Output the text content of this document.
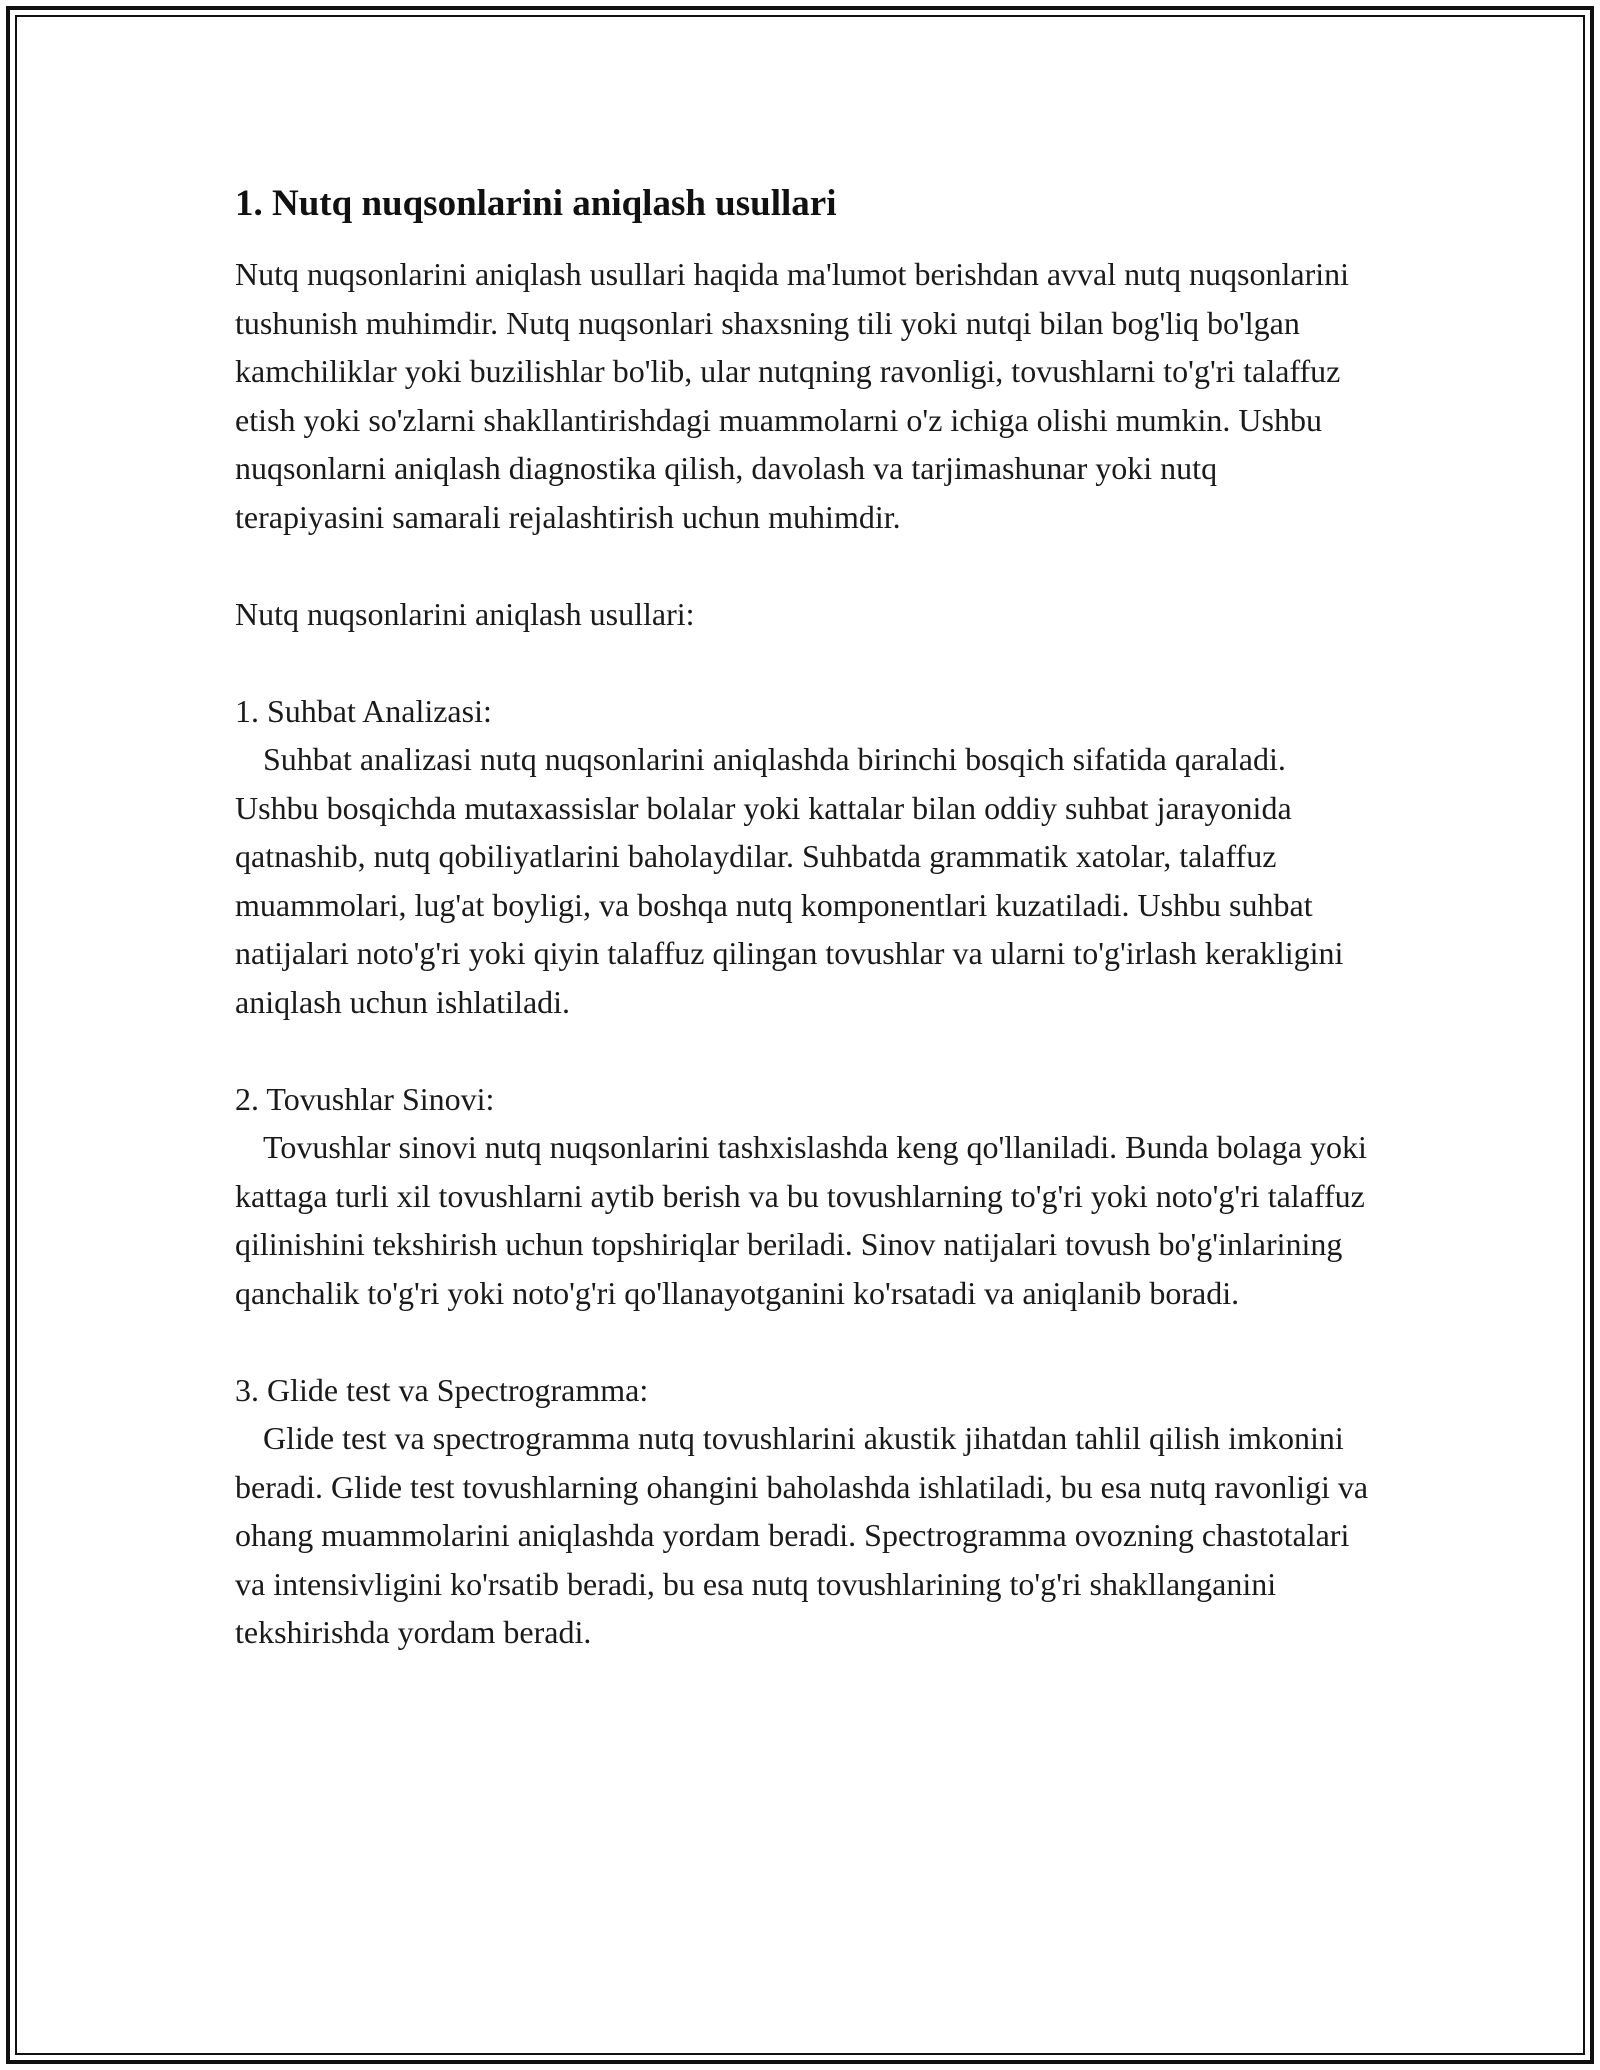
1. Nutq nuqsonlarini aniqlash usullari

Nutq nuqsonlarini aniqlash usullari haqida ma'lumot berishdan avval nutq nuqsonlarini tushunish muhimdir. Nutq nuqsonlari shaxsning tili yoki nutqi bilan bog'liq bo'lgan kamchiliklar yoki buzilishlar bo'lib, ular nutqning ravonligi, tovushlarni to'g'ri talaffuz etish yoki so'zlarni shakllantirishdagi muammolarni o'z ichiga olishi mumkin. Ushbu nuqsonlarni aniqlash diagnostika qilish, davolash va tarjimashunar yoki nutq terapiyasini samarali rejalashtirish uchun muhimdir.

Nutq nuqsonlarini aniqlash usullari:

1. Suhbat Analizasi:

Suhbat analizasi nutq nuqsonlarini aniqlashda birinchi bosqich sifatida qaraladi. Ushbu bosqichda mutaxassislar bolalar yoki kattalar bilan oddiy suhbat jarayonida qatnashib, nutq qobiliyatlarini baholaydilar. Suhbatda grammatik xatolar, talaffuz muammolari, lug'at boyligi, va boshqa nutq komponentlari kuzatiladi. Ushbu suhbat natijalari noto'g'ri yoki qiyin talaffuz qilingan tovushlar va ularni to'g'irlash kerakligini aniqlash uchun ishlatiladi.

2. Tovushlar Sinovi:

Tovushlar sinovi nutq nuqsonlarini tashxislashda keng qo'llaniladi. Bunda bolaga yoki kattaga turli xil tovushlarni aytib berish va bu tovushlarning to'g'ri yoki noto'g'ri talaffuz qilinishini tekshirish uchun topshiriqlar beriladi. Sinov natijalari tovush bo'g'inlarining qanchalik to'g'ri yoki noto'g'ri qo'llanayotganini ko'rsatadi va aniqlanib boradi.

3. Glide test va Spectrogramma:

Glide test va spectrogramma nutq tovushlarini akustik jihatdan tahlil qilish imkonini beradi. Glide test tovushlarning ohangini baholashda ishlatiladi, bu esa nutq ravonligi va ohang muammolarini aniqlashda yordam beradi. Spectrogramma ovozning chastotalari va intensivligini ko'rsatib beradi, bu esa nutq tovushlarining to'g'ri shakllanganini tekshirishda yordam beradi.
